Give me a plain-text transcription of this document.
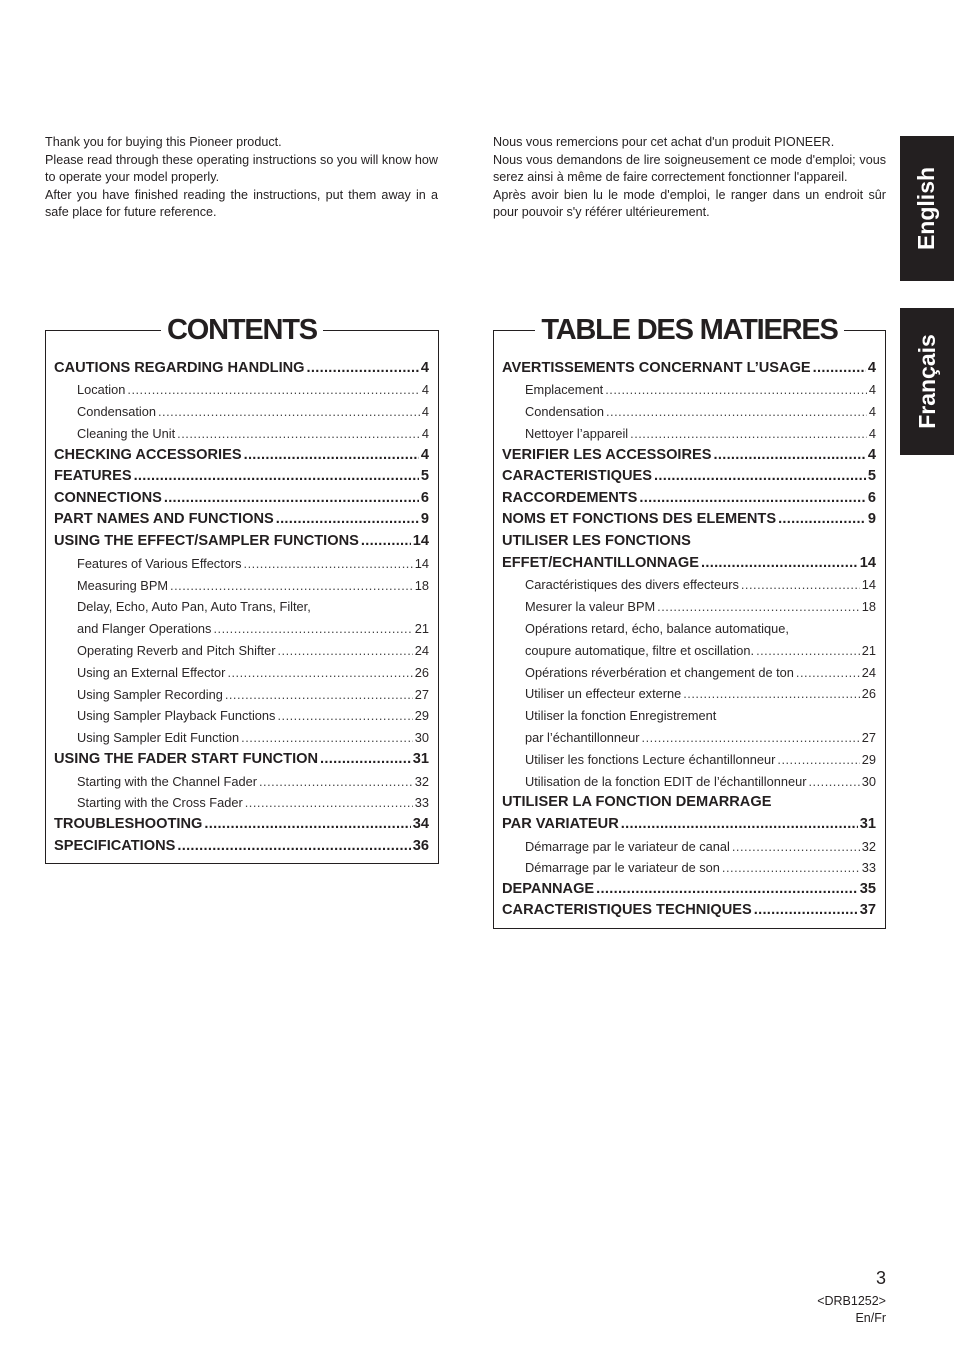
Thank you for buying this Pioneer product.

Please read through these operating instructions so you will know how to operate your model properly.

After you have finished reading the instructions, put them away in a safe place for future reference.

Nous vous remercions pour cet achat d'un produit PIONEER.

Nous vous demandons de lire soigneusement ce mode d'emploi; vous serez ainsi à même de faire correctement fonctionner l'appareil.

Après avoir bien lu le mode d'emploi, le ranger dans un endroit sûr pour pouvoir s'y référer ultérieurement.	English
Français
CONTENTS
CAUTIONS REGARDING HANDLING .....	4
Location .....	4
Condensation .....	4
Cleaning the Unit .....	4
CHECKING ACCESSORIES .....	4
FEATURES .....	5
CONNECTIONS .....	6
PART NAMES AND FUNCTIONS .....	9
USING THE EFFECT/SAMPLER FUNCTIONS .....	14
Features of Various Effectors .....	14
Measuring BPM .....	18
Delay, Echo, Auto Pan, Auto Trans, Filter,
and Flanger Operations .....	21
Operating Reverb and Pitch Shifter .....	24
Using an External Effector .....	26
Using Sampler Recording .....	27
Using Sampler Playback Functions .....	29
Using Sampler Edit Function .....	30
USING THE FADER START FUNCTION .....	31
Starting with the Channel Fader .....	32
Starting with the Cross Fader .....	33
TROUBLESHOOTING .....	34
SPECIFICATIONS .....	36
TABLE DES MATIERES
AVERTISSEMENTS CONCERNANT L’USAGE .....	4
Emplacement .....	4
Condensation .....	4
Nettoyer l’appareil .....	4
VERIFIER LES ACCESSOIRES .....	4
CARACTERISTIQUES .....	5
RACCORDEMENTS .....	6
NOMS ET FONCTIONS DES ELEMENTS .....	9
UTILISER LES FONCTIONS
EFFET/ECHANTILLONNAGE .....	14
Caractéristiques des divers effecteurs .....	14
Mesurer la valeur BPM .....	18
Opérations retard, écho, balance automatique,
coupure automatique, filtre et oscillation. .....	21
Opérations réverbération et changement de ton .....	24
Utiliser un effecteur externe .....	26
Utiliser la fonction Enregistrement
par l’échantillonneur .....	27
Utiliser les fonctions Lecture échantillonneur .....	29
Utilisation de la fonction EDIT de l’échantillonneur .....	30
UTILISER LA FONCTION DEMARRAGE
PAR VARIATEUR .....	31
Démarrage par le variateur de canal .....	32
Démarrage par le variateur de son .....	33
DEPANNAGE .....	35
CARACTERISTIQUES TECHNIQUES .....	37
3
<DRB1252>
En/Fr
